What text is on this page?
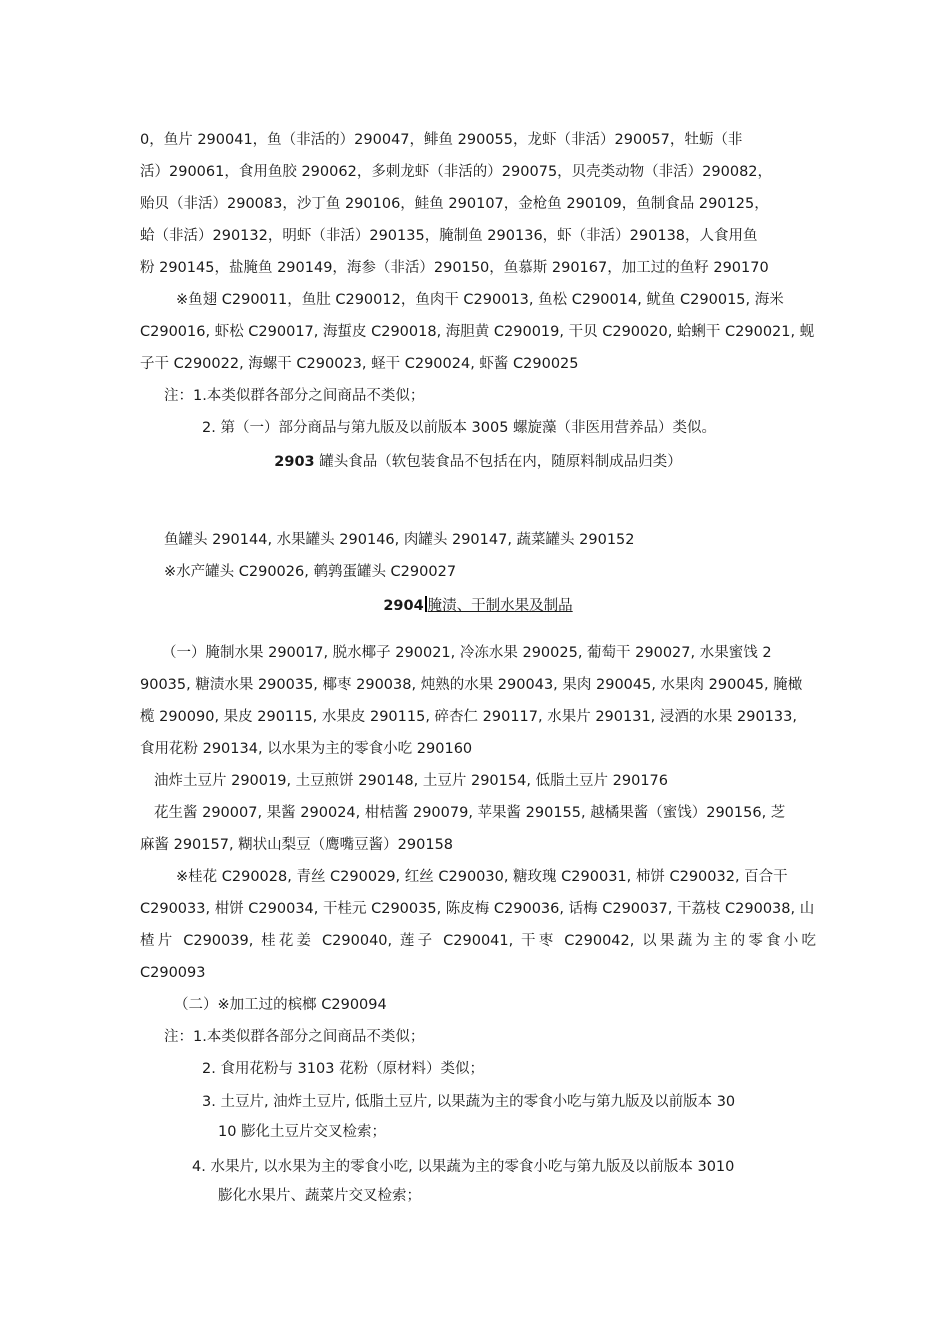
0，鱼片 290041，鱼（非活的）290047，鲱鱼 290055，龙虾（非活）290057，牡蛎（非
活）290061，食用鱼胶 290062，多刺龙虾（非活的）290075，贝壳类动物（非活）290082，
贻贝（非活）290083，沙丁鱼 290106，鲑鱼 290107，金枪鱼 290109，鱼制食品 290125，
蛤（非活）290132，明虾（非活）290135，腌制鱼 290136，虾（非活）290138，人食用鱼
粉 290145，盐腌鱼 290149，海参（非活）290150，鱼慕斯 290167，加工过的鱼籽 290170
※鱼翅 C290011，鱼肚 C290012，鱼肉干 C290013, 鱼松 C290014, 鱿鱼 C290015, 海米
C290016, 虾松 C290017, 海蜇皮 C290018, 海胆黄 C290019, 干贝 C290020, 蛤蜊干 C290021, 蚬
子干 C290022, 海螺干 C290023, 蛏干 C290024, 虾酱 C290025
注：1.本类似群各部分之间商品不类似；
2. 第（一）部分商品与第九版及以前版本 3005 螺旋藻（非医用营养品）类似。
2903 罐头食品（软包装食品不包括在内，随原料制成品归类）
鱼罐头 290144, 水果罐头 290146, 肉罐头 290147, 蔬菜罐头 290152
※水产罐头 C290026, 鹌鹑蛋罐头 C290027
2904 腌渍、干制水果及制品
（一）腌制水果 290017, 脱水椰子 290021, 冷冻水果 290025, 葡萄干 290027, 水果蜜饯 2
90035, 糖渍水果 290035, 椰枣 290038, 炖熟的水果 290043, 果肉 290045, 水果肉 290045, 腌橄
榄 290090, 果皮 290115, 水果皮 290115, 碎杏仁 290117, 水果片 290131, 浸酒的水果 290133,
食用花粉 290134, 以水果为主的零食小吃 290160
油炸土豆片 290019, 土豆煎饼 290148, 土豆片 290154, 低脂土豆片 290176
花生酱 290007, 果酱 290024, 柑桔酱 290079, 苹果酱 290155, 越橘果酱（蜜饯）290156, 芝
麻酱 290157, 糊状山梨豆（鹰嘴豆酱）290158
※桂花 C290028, 青丝 C290029, 红丝 C290030, 糖玫瑰 C290031, 柿饼 C290032, 百合干
C290033, 柑饼 C290034, 干桂元 C290035, 陈皮梅 C290036, 话梅 C290037, 干荔枝 C290038, 山
楂片 C290039, 桂花姜 C290040, 莲子 C290041, 干枣 C290042, 以果蔬为主的零食小吃
C290093
（二）※加工过的槟榔 C290094
注：1.本类似群各部分之间商品不类似；
2. 食用花粉与 3103 花粉（原材料）类似；
3. 土豆片, 油炸土豆片, 低脂土豆片, 以果蔬为主的零食小吃与第九版及以前版本 30
10 膨化土豆片交叉检索；
4. 水果片, 以水果为主的零食小吃, 以果蔬为主的零食小吃与第九版及以前版本 3010
膨化水果片、蔬菜片交叉检索；
